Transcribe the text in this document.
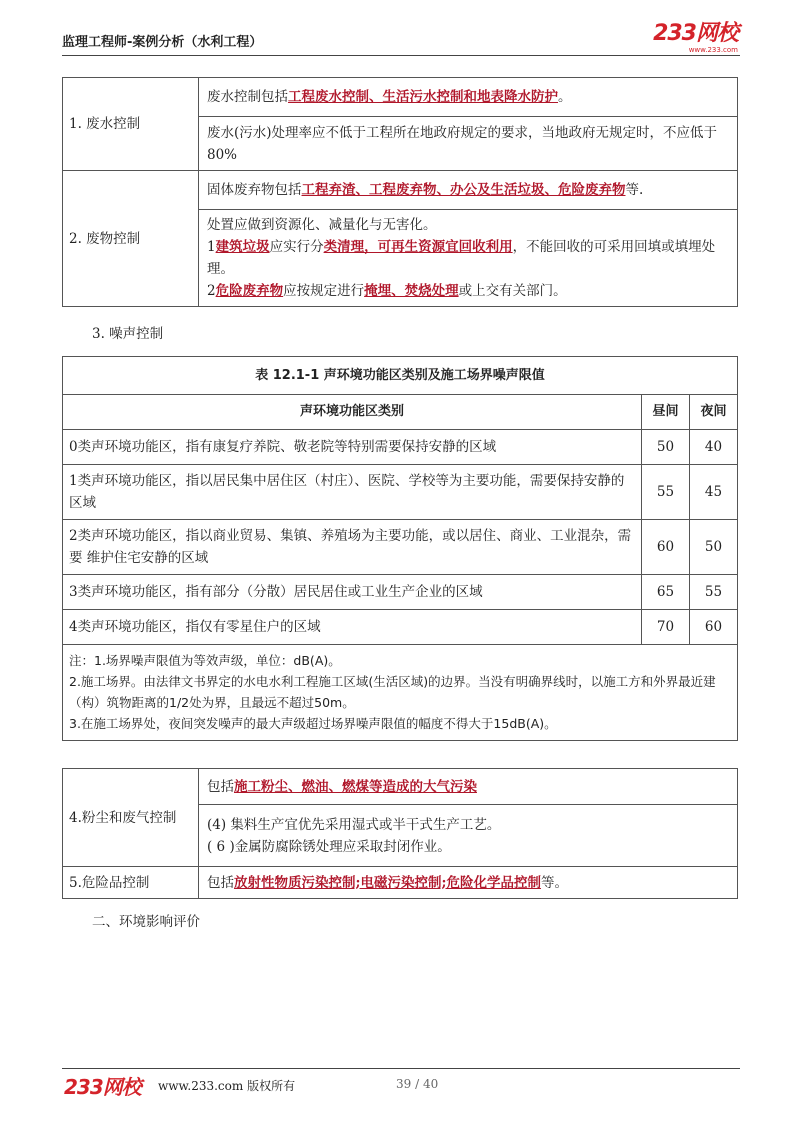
监理工程师-案例分析（水利工程）	233网校
www.233.com
1. 废水控制	废水控制包括工程废水控制、生活污水控制和地表降水防护。
	废水(污水)处理率应不低于工程所在地政府规定的要求，当地政府无规定时，不应低于 80%
2. 废物控制	固体废弃物包括工程弃渣、工程废弃物、办公及生活垃圾、危险废弃物等.

	处置应做到资源化、减量化与无害化。
1建筑垃圾应实行分类清理，可再生资源宜回收利用，不能回收的可采用回填或填埋处理。
2危险废弃物应按规定进行掩埋、焚烧处理或上交有关部门。
3. 噪声控制
表 12.1-1 声环境功能区类别及施工场界噪声限值		
声环境功能区类别	昼间	夜间
0类声环境功能区，指有康复疗养院、敬老院等特别需要保持安静的区域	50	40
1类声环境功能区，指以居民集中居住区（村庄）、医院、学校等为主要功能，需要保持安静的区域	55	45
2类声环境功能区，指以商业贸易、集镇、养殖场为主要功能，或以居住、商业、工业混杂，需要 维护住宅安静的区域	60	50
3类声环境功能区，指有部分（分散）居民居住或工业生产企业的区域	65	55
4类声环境功能区，指仅有零星住户的区域	70	60

注：1.场界噪声限值为等效声级，单位：dB(A)。
2.施工场界。由法律文书界定的水电水利工程施工区域(生活区域)的边界。当没有明确界线时，以施工方和外界最近建（构）筑物距离的1/2处为界，且最远不超过50m。
3.在施工场界处，夜间突发噪声的最大声级超过场界噪声限值的幅度不得大于15dB(A)。		
4.粉尘和废气控制	包括施工粉尘、燃油、燃煤等造成的大气污染

	(4) 集料生产宜优先采用湿式或半干式生产工艺。
( 6 )金属防腐除锈处理应采取封闭作业。

5.危险品控制	包括放射性物质污染控制;电磁污染控制;危险化学品控制等。
二、环境影响评价
233网校 www.233.com 版权所有	39 / 40
